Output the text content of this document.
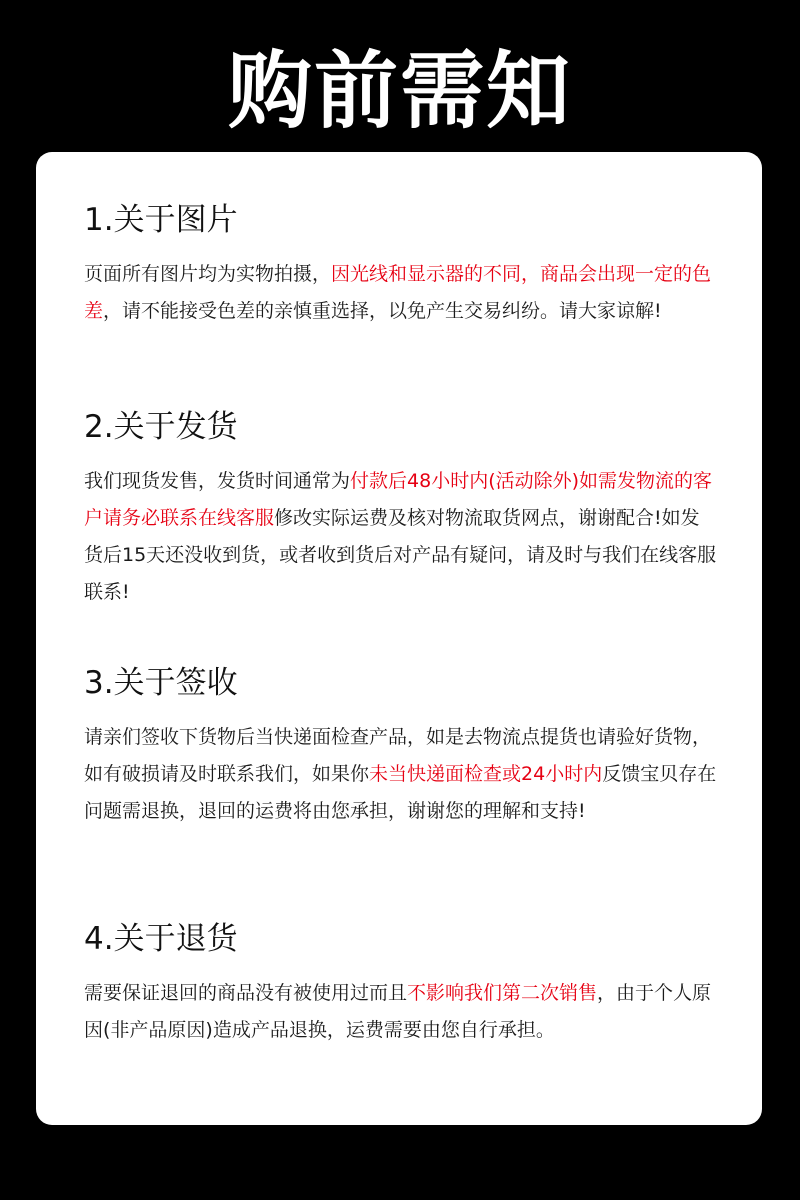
购前需知
1.关于图片

页面所有图片均为实物拍摄，因光线和显示器的不同，商品会出现一定的色差，请不能接受色差的亲慎重选择，以免产生交易纠纷。请大家谅解!

2.关于发货

我们现货发售，发货时间通常为付款后48小时内(活动除外)如需发物流的客户请务必联系在线客服修改实际运费及核对物流取货网点，谢谢配合!如发货后15天还没收到货，或者收到货后对产品有疑问，请及时与我们在线客服联系!

3.关于签收

请亲们签收下货物后当快递面检查产品，如是去物流点提货也请验好货物，如有破损请及时联系我们，如果你未当快递面检查或24小时内反馈宝贝存在问题需退换，退回的运费将由您承担，谢谢您的理解和支持!

4.关于退货

需要保证退回的商品没有被使用过而且不影响我们第二次销售，由于个人原因(非产品原因)造成产品退换，运费需要由您自行承担。
